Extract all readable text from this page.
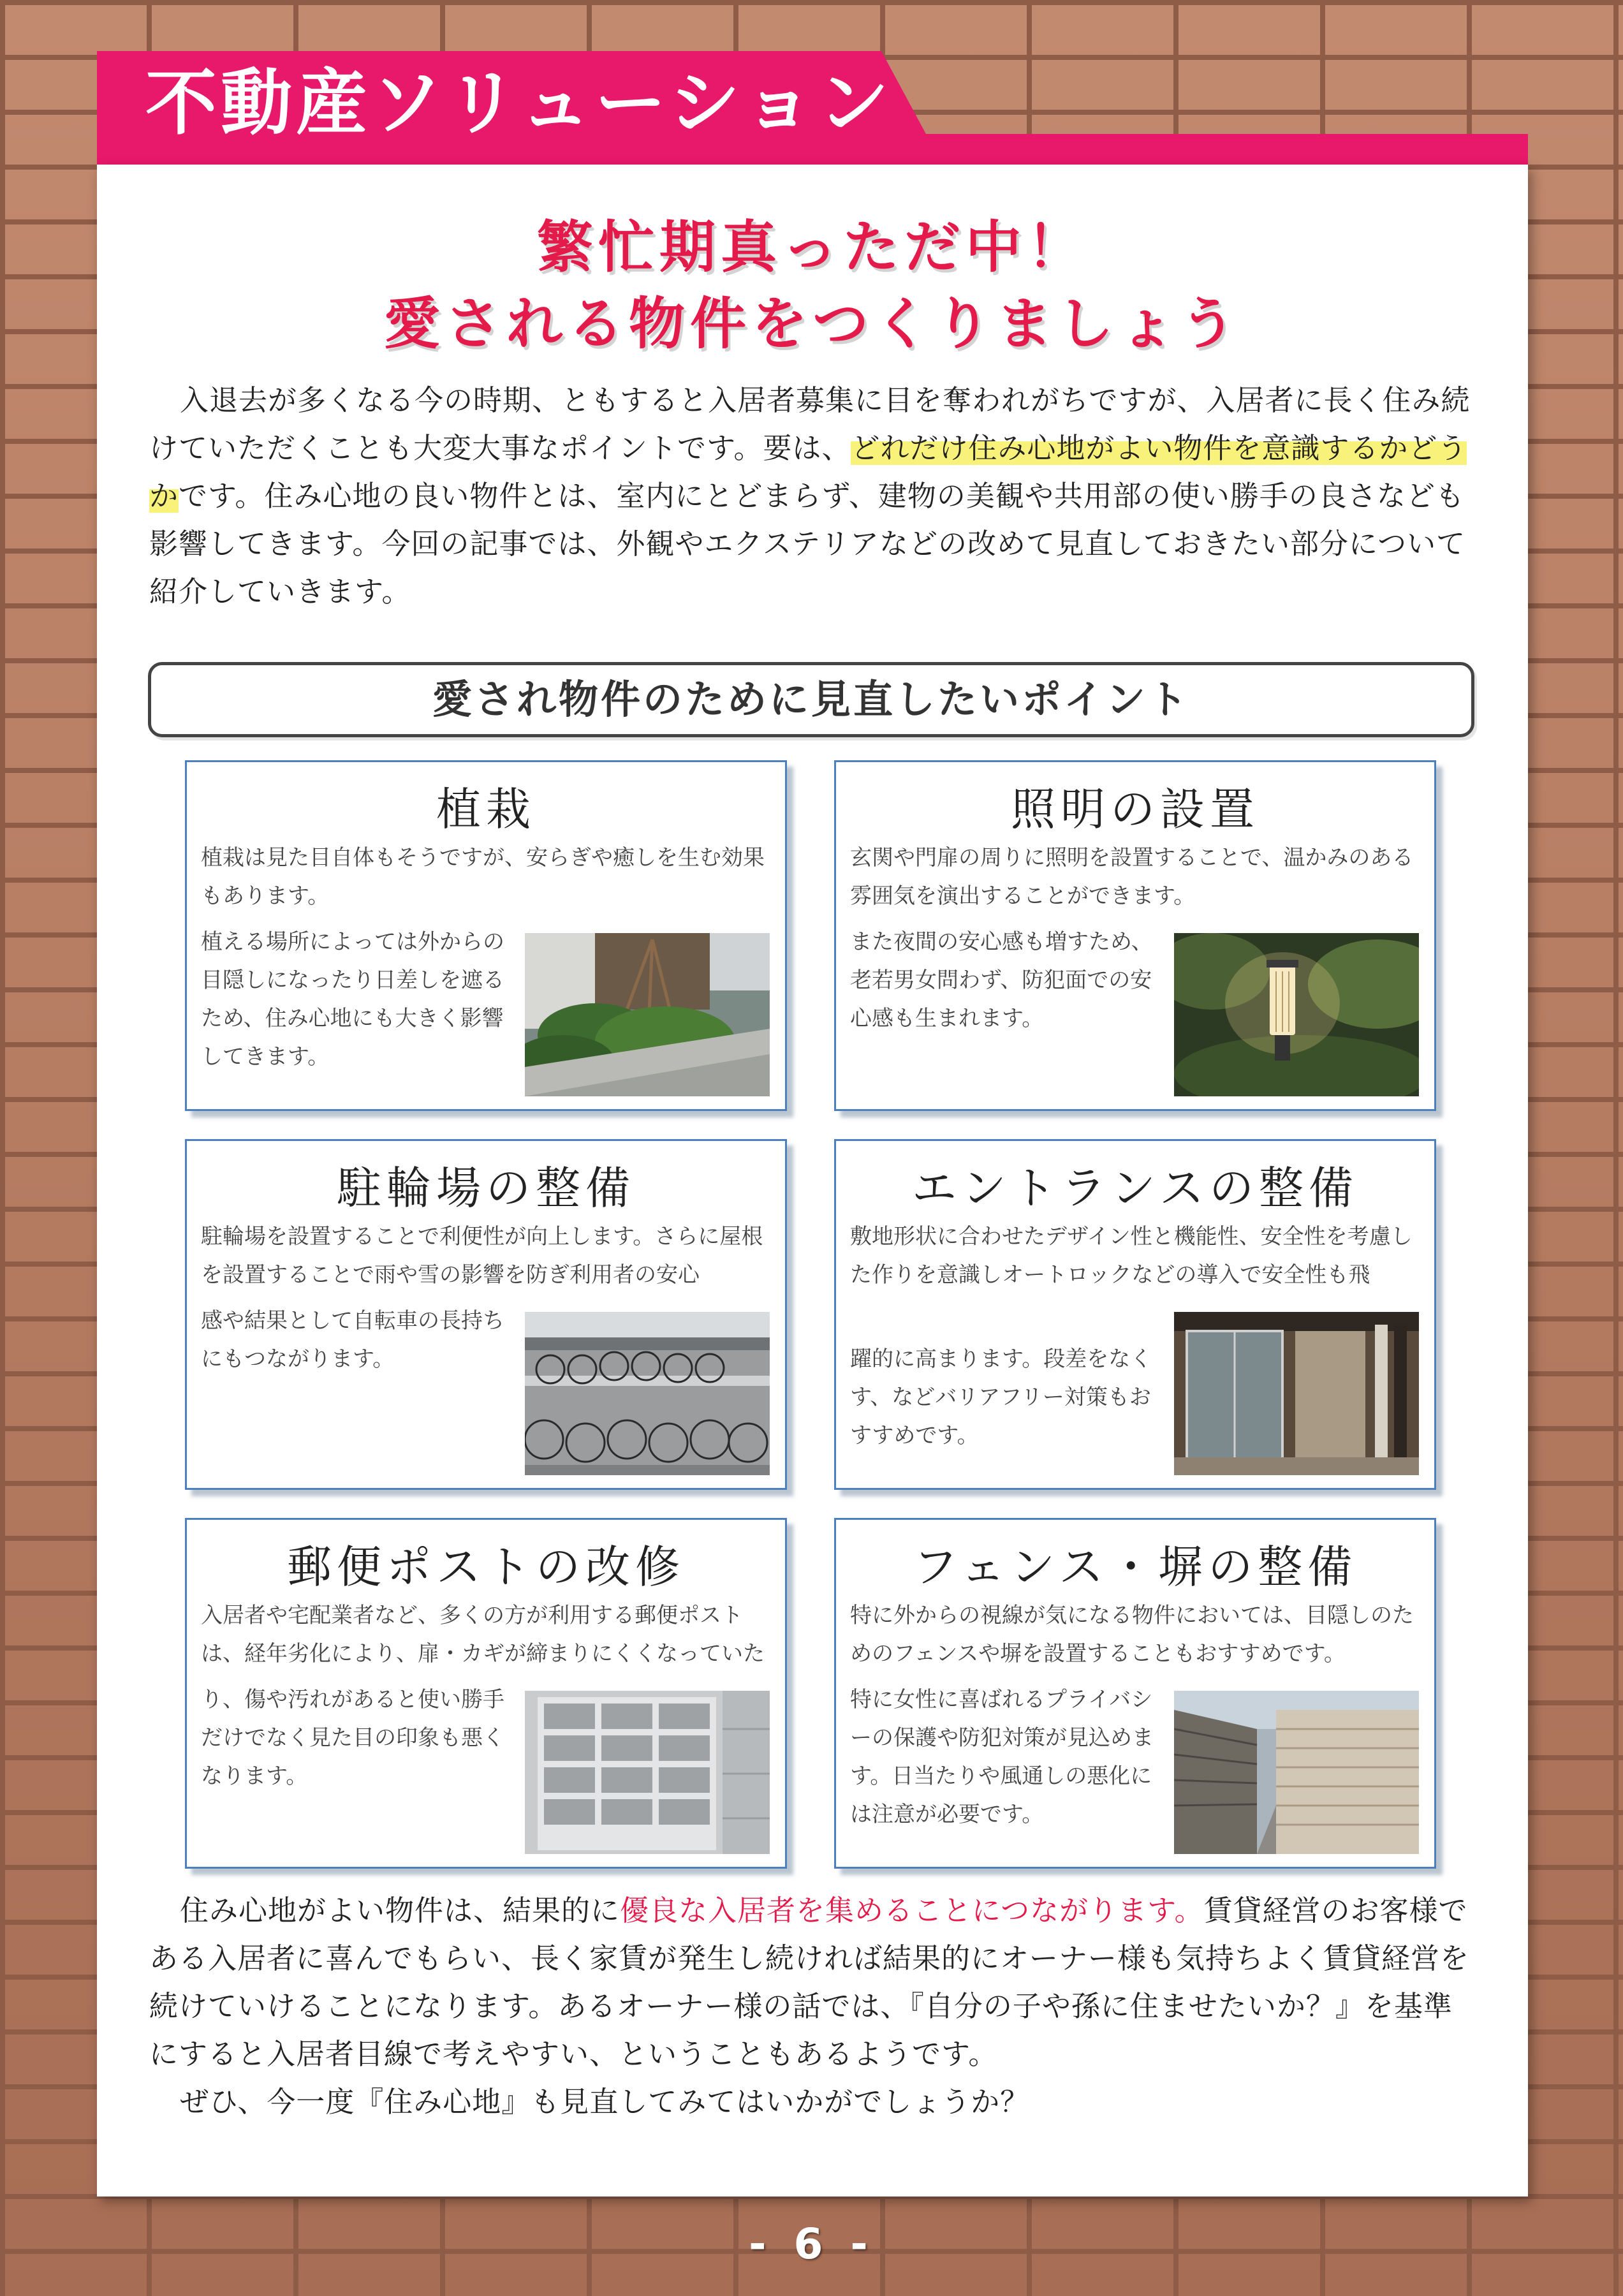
不動産ソリューション
繁忙期真っただ中！
愛される物件をつくりましょう
入退去が多くなる今の時期、ともすると入居者募集に目を奪われがちですが、入居者に長く住み続けていただくことも大変大事なポイントです。要は、どれだけ住み心地がよい物件を意識するかどうかです。住み心地の良い物件とは、室内にとどまらず、建物の美観や共用部の使い勝手の良さなども影響してきます。今回の記事では、外観やエクステリアなどの改めて見直しておきたい部分について紹介していきます。
愛され物件のために見直したいポイント
植栽
植栽は見た目自体もそうですが、安らぎや癒しを生む効果もあります。
植える場所によっては外からの目隠しになったり日差しを遮るため、住み心地にも大きく影響してきます。
照明の設置
玄関や門扉の周りに照明を設置することで、温かみのある雰囲気を演出することができます。
また夜間の安心感も増すため、老若男女問わず、防犯面での安心感も生まれます。
駐輪場の整備
駐輪場を設置することで利便性が向上します。さらに屋根を設置することで雨や雪の影響を防ぎ利用者の安心
感や結果として自転車の長持ちにもつながります。
エントランスの整備
敷地形状に合わせたデザイン性と機能性、安全性を考慮した作りを意識しオートロックなどの導入で安全性も飛
躍的に高まります。段差をなくす、などバリアフリー対策もおすすめです。
郵便ポストの改修
入居者や宅配業者など、多くの方が利用する郵便ポストは、経年劣化により、扉・カギが締まりにくくなっていた
り、傷や汚れがあると使い勝手だけでなく見た目の印象も悪くなります。
フェンス・塀の整備
特に外からの視線が気になる物件においては、目隠しのためのフェンスや塀を設置することもおすすめです。
特に女性に喜ばれるプライバシーの保護や防犯対策が見込めます。日当たりや風通しの悪化には注意が必要です。

住み心地がよい物件は、結果的に優良な入居者を集めることにつながります。賃貸経営のお客様である入居者に喜んでもらい、長く家賃が発生し続ければ結果的にオーナー様も気持ちよく賃貸経営を続けていけることになります。あるオーナー様の話では、『自分の子や孫に住ませたいか？』を基準にすると入居者目線で考えやすい、ということもあるようです。

ぜひ、今一度『住み心地』も見直してみてはいかがでしょうか？

- 6 -
